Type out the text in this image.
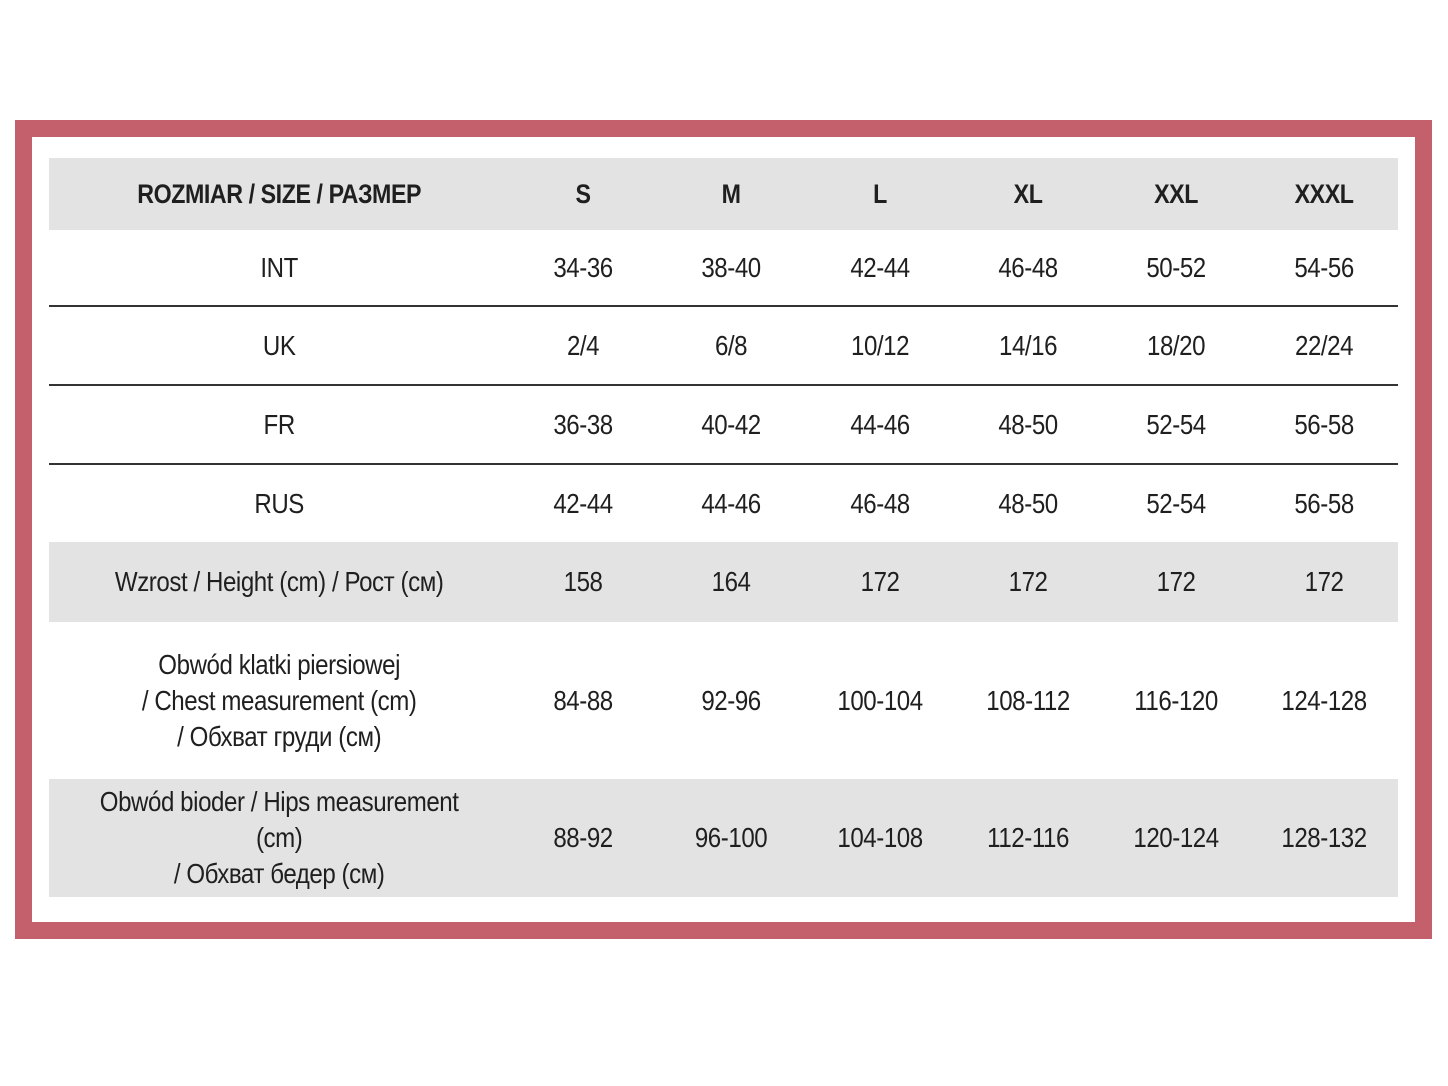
ROZMIAR / SIZE / РАЗМЕР	S	M	L	XL	XXL	XXXL

INT	34-36	38-40	42-44	46-48	50-52	54-56

UK	2/4	6/8	10/12	14/16	18/20	22/24

FR	36-38	40-42	44-46	48-50	52-54	56-58

RUS	42-44	44-46	46-48	48-50	52-54	56-58

Wzrost / Height (cm) / Рост (см)	158	164	172	172	172	172

Obwód klatki piersiowej
/ Chest measurement (cm)
/ Обхват груди (см)	84-88	92-96	100-104	108-112	116-120	124-128

Obwód bioder / Hips measurement (cm)
/ Обхват бедер (см)	88-92	96-100	104-108	112-116	120-124	128-132
